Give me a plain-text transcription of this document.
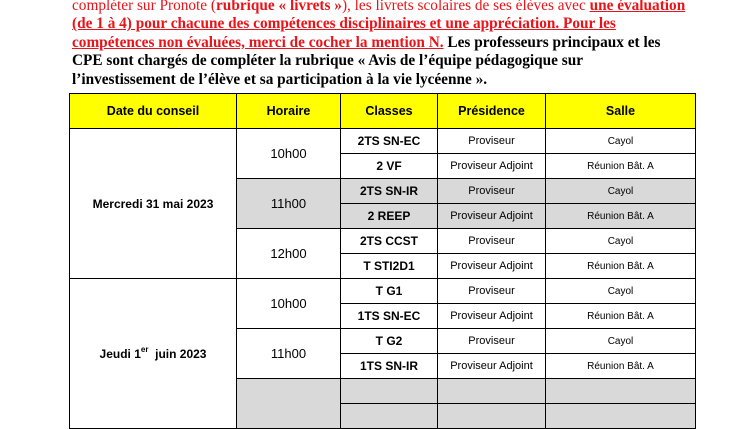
compléter sur Pronote (rubrique « livrets »), les livrets scolaires de ses élèves avec une évaluation
(de 1 à 4) pour chacune des compétences disciplinaires et une appréciation. Pour les
compétences non évaluées, merci de cocher la mention N. Les professeurs principaux et les
CPE sont chargés de compléter la rubrique « Avis de l’équipe pédagogique sur
l’investissement de l’élève et sa participation à la vie lycéenne ».
Date du conseil	Horaire	Classes	Présidence	Salle
Mercredi 31 mai 2023	10h00	2TS SN-EC	Proviseur	Cayol
		2 VF	Proviseur Adjoint	Réunion Bât. A
	11h00	2TS SN-IR	Proviseur	Cayol
		2 REEP	Proviseur Adjoint	Réunion Bât. A
	12h00	2TS CCST	Proviseur	Cayol
		T STI2D1	Proviseur Adjoint	Réunion Bât. A
Jeudi 1er  juin 2023	10h00	T G1	Proviseur	Cayol
		1TS SN-EC	Proviseur Adjoint	Réunion Bât. A
	11h00	T G2	Proviseur	Cayol
		1TS SN-IR	Proviseur Adjoint	Réunion Bât. A
